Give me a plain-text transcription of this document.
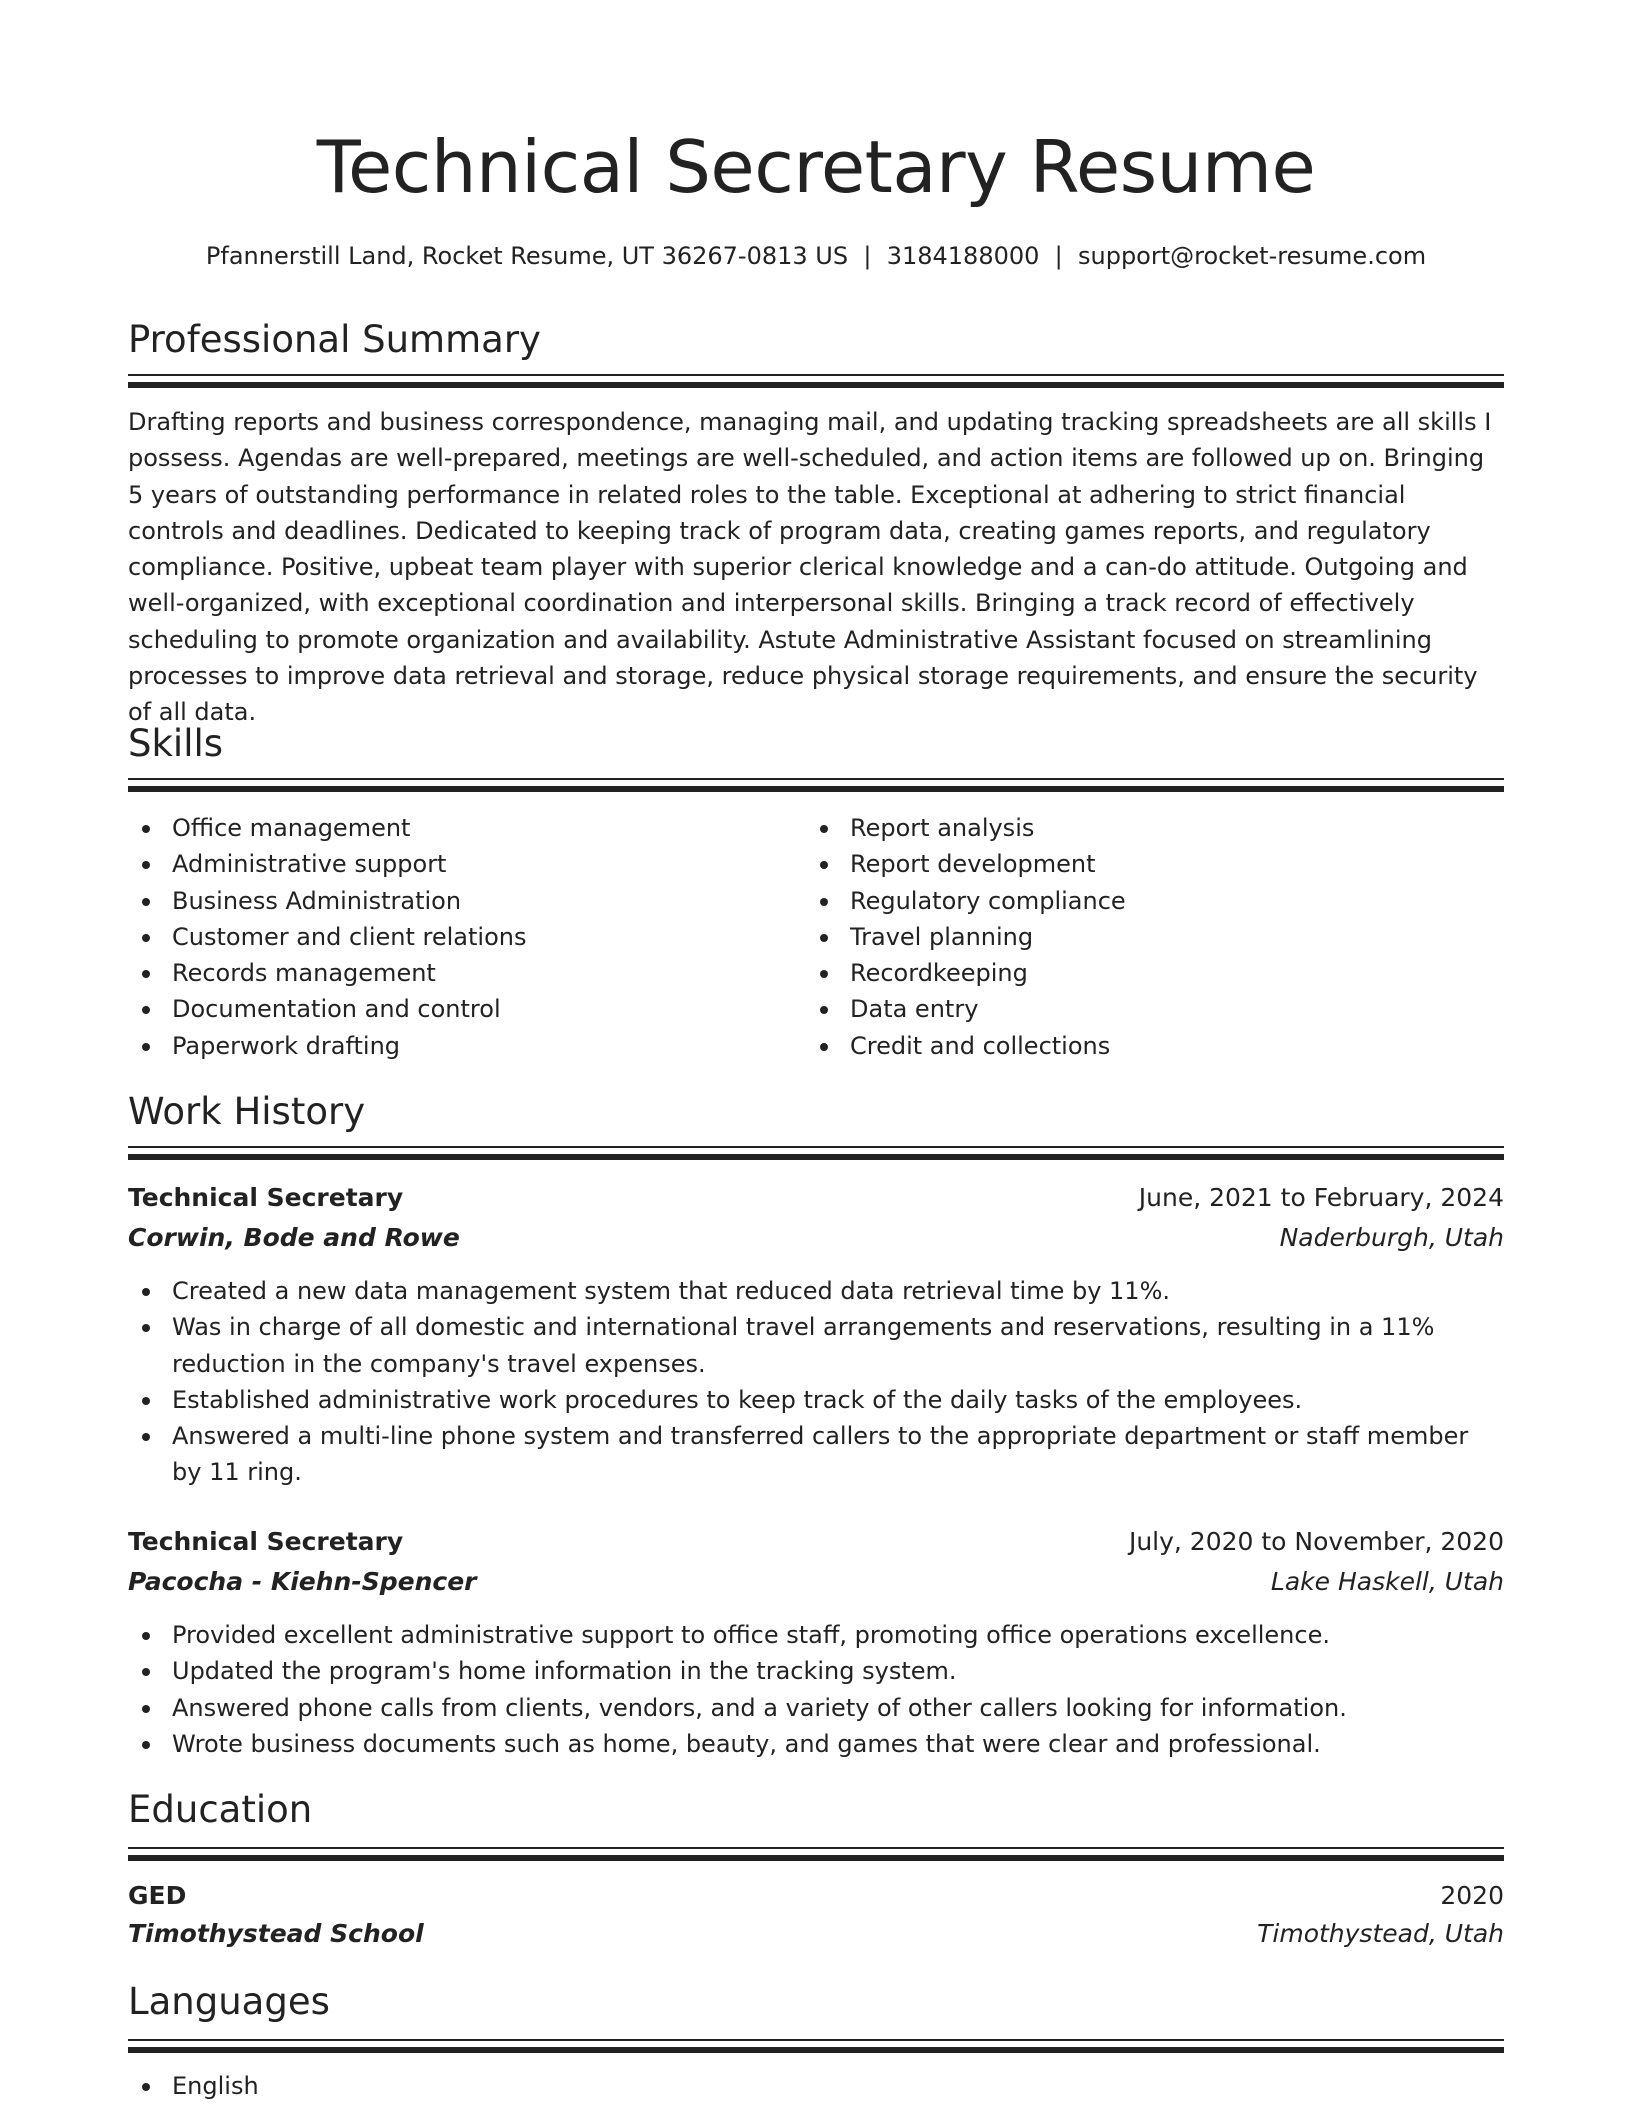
Technical Secretary Resume
Pfannerstill Land, Rocket Resume, UT 36267-0813 US  |  3184188000  |  support@rocket-resume.com
Professional Summary

Drafting reports and business correspondence, managing mail, and updating tracking spreadsheets are all skills I possess. Agendas are well-prepared, meetings are well-scheduled, and action items are followed up on. Bringing 5 years of outstanding performance in related roles to the table. Exceptional at adhering to strict financial controls and deadlines. Dedicated to keeping track of program data, creating games reports, and regulatory compliance. Positive, upbeat team player with superior clerical knowledge and a can-do attitude. Outgoing and well-organized, with exceptional coordination and interpersonal skills. Bringing a track record of effectively scheduling to promote organization and availability. Astute Administrative Assistant focused on streamlining processes to improve data retrieval and storage, reduce physical storage requirements, and ensure the security of all data.

Skills
Office management
Administrative support
Business Administration
Customer and client relations
Records management
Documentation and control
Paperwork drafting
Report analysis
Report development
Regulatory compliance
Travel planning
Recordkeeping
Data entry
Credit and collections
Work History
Technical Secretary	June, 2021 to February, 2024
Corwin, Bode and Rowe	Naderburgh, Utah
Created a new data management system that reduced data retrieval time by 11%.
Was in charge of all domestic and international travel arrangements and reservations, resulting in a 11% reduction in the company's travel expenses.
Established administrative work procedures to keep track of the daily tasks of the employees.
Answered a multi-line phone system and transferred callers to the appropriate department or staff member by 11 ring.
Technical Secretary	July, 2020 to November, 2020
Pacocha - Kiehn-Spencer	Lake Haskell, Utah
Provided excellent administrative support to office staff, promoting office operations excellence.
Updated the program's home information in the tracking system.
Answered phone calls from clients, vendors, and a variety of other callers looking for information.
Wrote business documents such as home, beauty, and games that were clear and professional.
Education
GED	2020
Timothystead School	Timothystead, Utah
Languages
English
